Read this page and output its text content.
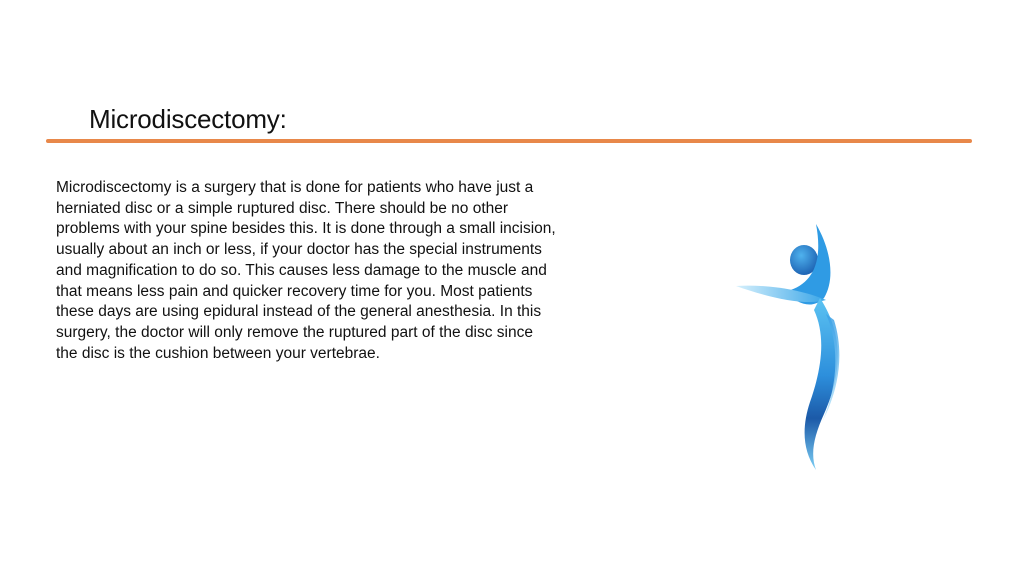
Microdiscectomy:

Microdiscectomy is a surgery that is done for patients who have just a herniated disc or a simple ruptured disc. There should be no other problems with your spine besides this. It is done through a small incision, usually about an inch or less, if your doctor has the special instruments and magnification to do so. This causes less damage to the muscle and that means less pain and quicker recovery time for you. Most patients these days are using epidural instead of the general anesthesia. In this surgery, the doctor will only remove the ruptured part of the disc since the disc is the cushion between your vertebrae.
